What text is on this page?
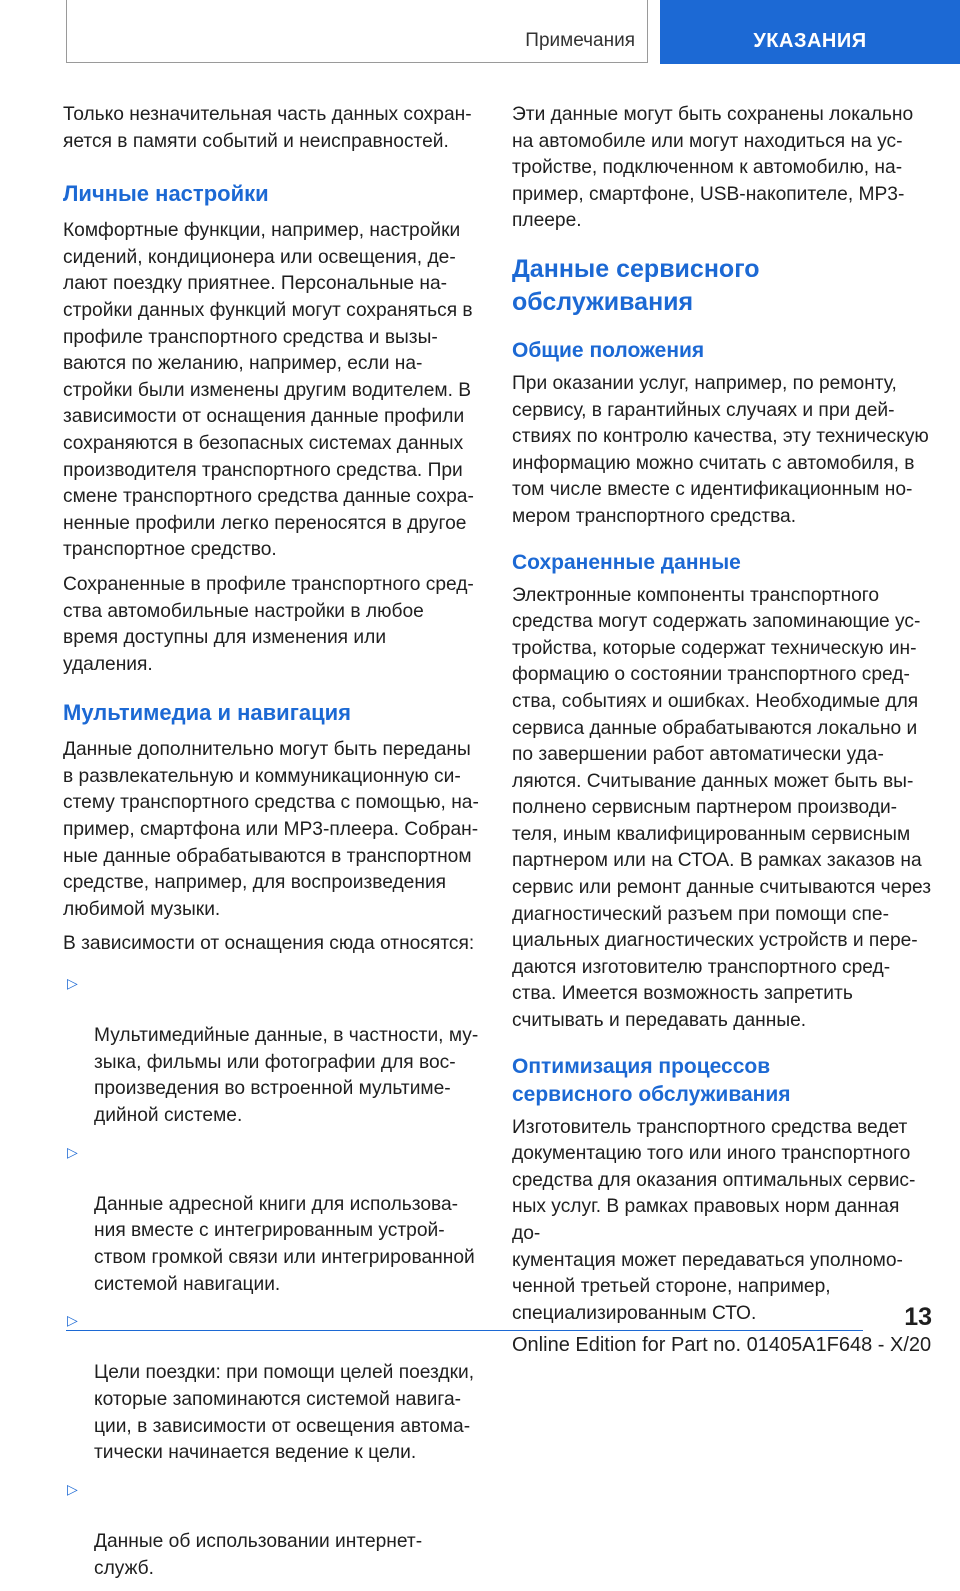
Примечания	УКАЗАНИЯ

Только незначительная часть данных сохран‐
яется в памяти событий и неисправностей.

Личные настройки

Комфортные функции, например, настройки
сидений, кондиционера или освещения, де‐
лают поездку приятнее. Персональные на‐
стройки данных функций могут сохраняться в
профиле транспортного средства и вызы‐
ваются по желанию, например, если на‐
стройки были изменены другим водителем. В
зависимости от оснащения данные профили
сохраняются в безопасных системах данных
производителя транспортного средства. При
смене транспортного средства данные сохра‐
ненные профили легко переносятся в другое
транспортное средство.

Сохраненные в профиле транспортного сред‐
ства автомобильные настройки в любое
время доступны для изменения или удаления.

Мультимедиа и навигация

Данные дополнительно могут быть переданы
в развлекательную и коммуникационную си‐
стему транспортного средства с помощью, на‐
пример, смартфона или MP3-плеера. Собран‐
ные данные обрабатываются в транспортном
средстве, например, для воспроизведения
любимой музыки.

В зависимости от оснащения сюда относятся:

▷

Мультимедийные данные, в частности, му‐
зыка, фильмы или фотографии для вос‐
произведения во встроенной мультиме‐
дийной системе.

▷

Данные адресной книги для использова‐
ния вместе с интегрированным устрой‐
ством громкой связи или интегрированной
системой навигации.

▷

Цели поездки: при помощи целей поездки,
которые запоминаются системой навига‐
ции, в зависимости от освещения автома‐
тически начинается ведение к цели.

▷

Данные об использовании интернет-
служб.

Эти данные могут быть сохранены локально
на автомобиле или могут находиться на ус‐
тройстве, подключенном к автомобилю, на‐
пример, смартфоне, USB-накопителе, MP3-
плеере.

Данные сервисного
обслуживания
Общие положения

При оказании услуг, например, по ремонту,
сервису, в гарантийных случаях и при дей‐
ствиях по контролю качества, эту техническую
информацию можно считать с автомобиля, в
том числе вместе с идентификационным но‐
мером транспортного средства.

Сохраненные данные

Электронные компоненты транспортного
средства могут содержать запоминающие ус‐
тройства, которые содержат техническую ин‐
формацию о состоянии транспортного сред‐
ства, событиях и ошибках. Необходимые для
сервиса данные обрабатываются локально и
по завершении работ автоматически уда‐
ляются. Считывание данных может быть вы‐
полнено сервисным партнером производи‐
теля, иным квалифицированным сервисным
партнером или на СТОА. В рамках заказов на
сервис или ремонт данные считываются через
диагностический разъем при помощи спе‐
циальных диагностических устройств и пере‐
даются изготовителю транспортного сред‐
ства. Имеется возможность запретить
считывать и передавать данные.

Оптимизация процессов
сервисного обслуживания

Изготовитель транспортного средства ведет
документацию того или иного транспортного
средства для оказания оптимальных сервис‐
ных услуг. В рамках правовых норм данная до‐
кументация может передаваться уполномо‐
ченной третьей стороне, например,
специализированным СТО.	13
Online Edition for Part no. 01405A1F648 - X/20
